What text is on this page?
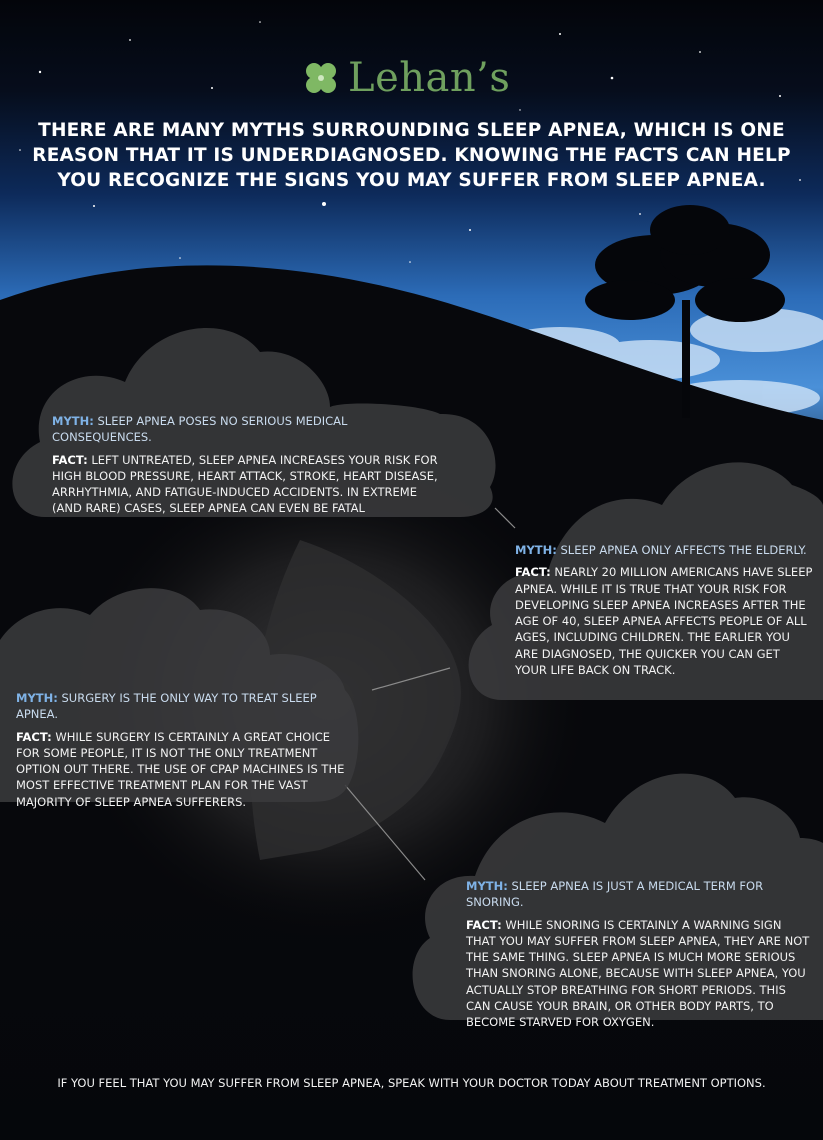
Lehan’s
THERE ARE MANY MYTHS SURROUNDING SLEEP APNEA, WHICH IS ONE REASON THAT IT IS UNDERDIAGNOSED. KNOWING THE FACTS CAN HELP YOU RECOGNIZE THE SIGNS YOU MAY SUFFER FROM SLEEP APNEA.

MYTH: SLEEP APNEA POSES NO SERIOUS MEDICAL CONSEQUENCES.

FACT: LEFT UNTREATED, SLEEP APNEA INCREASES YOUR RISK FOR HIGH BLOOD PRESSURE, HEART ATTACK, STROKE, HEART DISEASE, ARRHYTHMIA, AND FATIGUE-INDUCED ACCIDENTS. IN EXTREME (AND RARE) CASES, SLEEP APNEA CAN EVEN BE FATAL

MYTH: SLEEP APNEA ONLY AFFECTS THE ELDERLY.

FACT: NEARLY 20 MILLION AMERICANS HAVE SLEEP APNEA. WHILE IT IS TRUE THAT YOUR RISK FOR DEVELOPING SLEEP APNEA INCREASES AFTER THE AGE OF 40, SLEEP APNEA AFFECTS PEOPLE OF ALL AGES, INCLUDING CHILDREN. THE EARLIER YOU ARE DIAGNOSED, THE QUICKER YOU CAN GET YOUR LIFE BACK ON TRACK.

MYTH: SURGERY IS THE ONLY WAY TO TREAT SLEEP APNEA.

FACT: WHILE SURGERY IS CERTAINLY A GREAT CHOICE FOR SOME PEOPLE, IT IS NOT THE ONLY TREATMENT OPTION OUT THERE. THE USE OF CPAP MACHINES IS THE MOST EFFECTIVE TREATMENT PLAN FOR THE VAST MAJORITY OF SLEEP APNEA SUFFERERS.

MYTH: SLEEP APNEA IS JUST A MEDICAL TERM FOR SNORING.

FACT: WHILE SNORING IS CERTAINLY A WARNING SIGN THAT YOU MAY SUFFER FROM SLEEP APNEA, THEY ARE NOT THE SAME THING. SLEEP APNEA IS MUCH MORE SERIOUS THAN SNORING ALONE, BECAUSE WITH SLEEP APNEA, YOU ACTUALLY STOP BREATHING FOR SHORT PERIODS. THIS CAN CAUSE YOUR BRAIN, OR OTHER BODY PARTS, TO BECOME STARVED FOR OXYGEN.

IF YOU FEEL THAT YOU MAY SUFFER FROM SLEEP APNEA, SPEAK WITH YOUR DOCTOR TODAY ABOUT TREATMENT OPTIONS.
